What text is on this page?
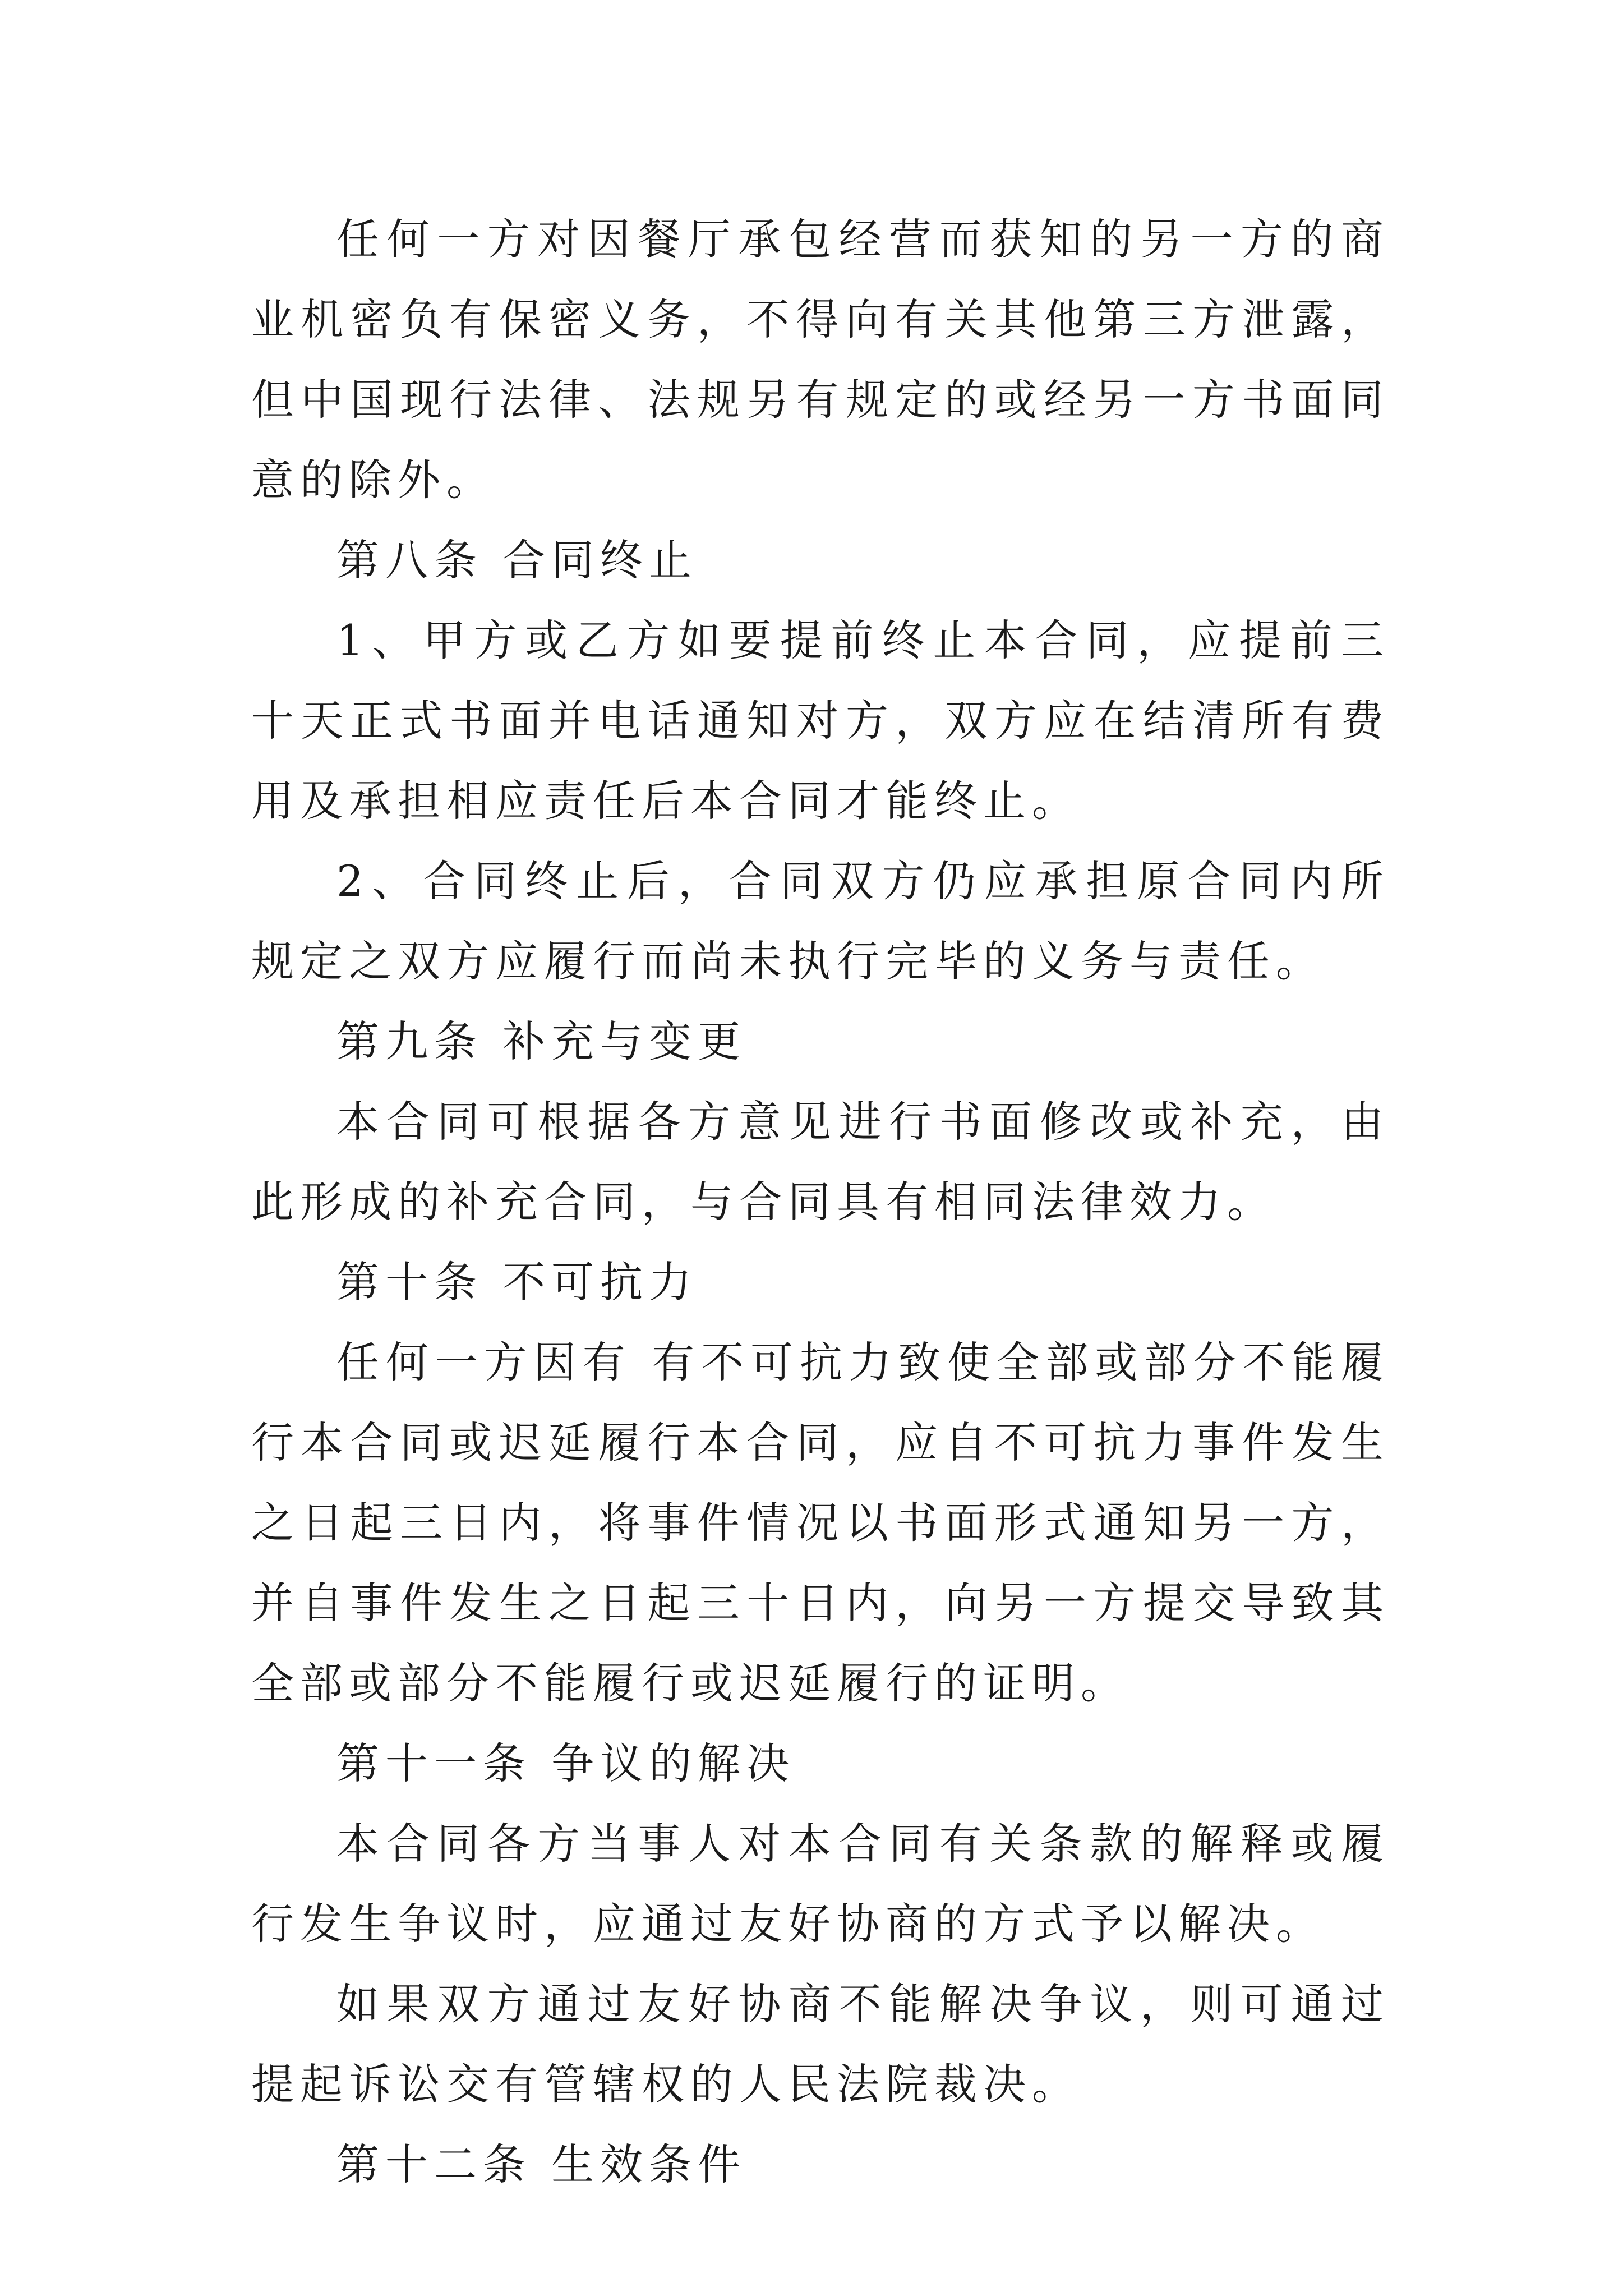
任何一方对因餐厅承包经营而获知的另一方的商业机密负有保密义务，不得向有关其他第三方泄露，但中国现行法律、法规另有规定的或经另一方书面同意的除外。

第八条 合同终止

1、甲方或乙方如要提前终止本合同，应提前三十天正式书面并电话通知对方，双方应在结清所有费用及承担相应责任后本合同才能终止。

2、合同终止后，合同双方仍应承担原合同内所规定之双方应履行而尚未执行完毕的义务与责任。

第九条 补充与变更

本合同可根据各方意见进行书面修改或补充，由此形成的补充合同，与合同具有相同法律效力。

第十条 不可抗力

任何一方因有 有不可抗力致使全部或部分不能履行本合同或迟延履行本合同，应自不可抗力事件发生之日起三日内，将事件情况以书面形式通知另一方，并自事件发生之日起三十日内，向另一方提交导致其全部或部分不能履行或迟延履行的证明。

第十一条 争议的解决

本合同各方当事人对本合同有关条款的解释或履行发生争议时，应通过友好协商的方式予以解决。

如果双方通过友好协商不能解决争议，则可通过提起诉讼交有管辖权的人民法院裁决。

第十二条 生效条件
